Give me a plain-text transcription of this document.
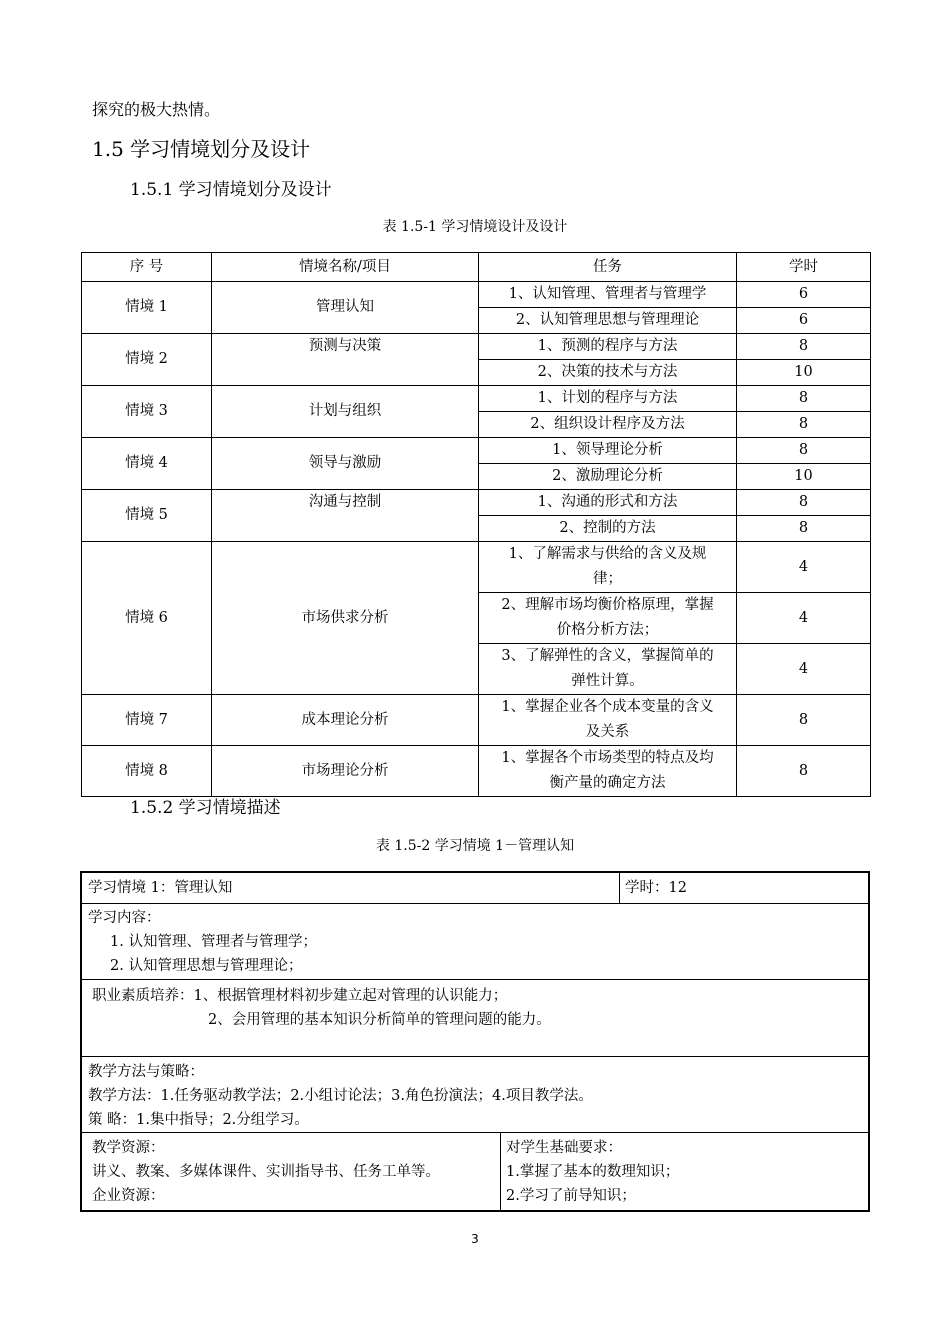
探究的极大热情。
1.5 学习情境划分及设计
1.5.1 学习情境划分及设计
表 1.5-1 学习情境设计及设计
序 号	情境名称/项目	任务	学时
情境 1	管理认知	1、认知管理、管理者与管理学	6
		2、认知管理思想与管理理论	6
情境 2	预测与决策	1、预测的程序与方法	8
		2、决策的技术与方法	10
情境 3	计划与组织	1、计划的程序与方法	8
		2、组织设计程序及方法	8
情境 4	领导与激励	1、领导理论分析	8
		2、激励理论分析	10
情境 5	沟通与控制	1、沟通的形式和方法	8
		2、控制的方法	8
情境 6	市场供求分析	1、了解需求与供给的含义及规
律；	4
		2、理解市场均衡价格原理，掌握
价格分析方法；	4
		3、了解弹性的含义，掌握简单的
弹性计算。	4
情境 7	成本理论分析	1、掌握企业各个成本变量的含义
及关系	8
情境 8	市场理论分析	1、掌握各个市场类型的特点及均
衡产量的确定方法	8
1.5.2 学习情境描述
表 1.5-2 学习情境 1－管理认知
学习情境 1：管理认知	学时：12
学习内容：
1. 认知管理、管理者与管理学；
2. 认知管理思想与管理理论；
职业素质培养：1、根据管理材料初步建立起对管理的认识能力；
2、会用管理的基本知识分析简单的管理问题的能力。
教学方法与策略：
教学方法：1.任务驱动教学法；2.小组讨论法；3.角色扮演法；4.项目教学法。
策 略：1.集中指导；2.分组学习。
教学资源：
讲义、教案、多媒体课件、实训指导书、任务工单等。
企业资源：
对学生基础要求：
1.掌握了基本的数理知识；
2.学习了前导知识；
3
